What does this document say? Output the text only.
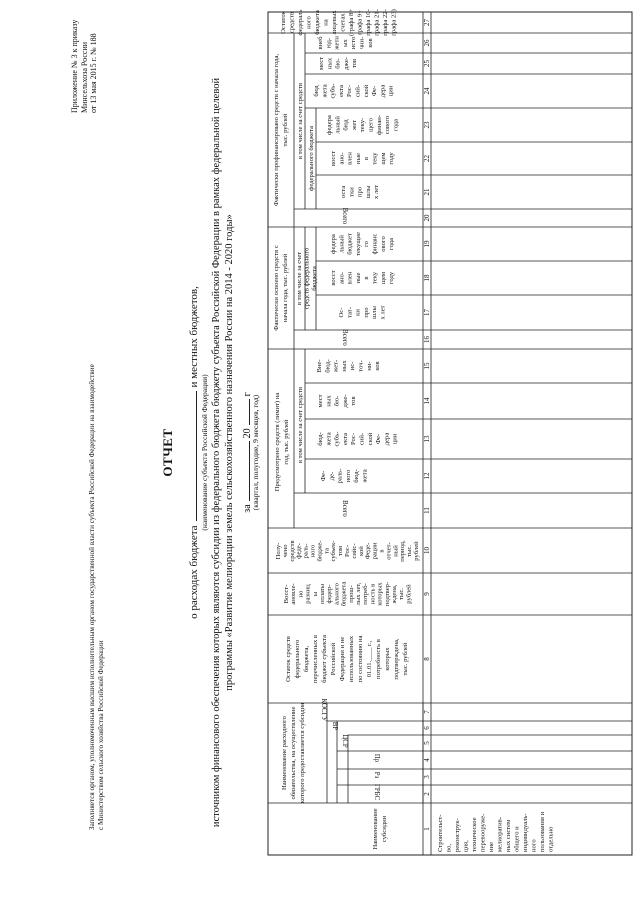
Приложение № 3 к приказу Минсельхоза России от 13 мая 2015 г. № 188
Заполняется органом, уполномоченным высшим исполнительным органом государственной власти субъекта Российской Федерации на взаимодействие с Министерством сельского хозяйства Российской Федерации
ОТЧЕТ
о расходах бюджетаи местных бюджетов,
(наименование субъекта Российской Федерации) источником финансового обеспечения которых являются субсидии из федерального бюджета бюджету субъекта Российской Федерации в рамках федеральной целевой программы «Развитие мелиорации земель сельскохозяйственного назначения России на 2014 - 2020 годы» за20г
(квартал, полугодие, 9 месяцев, год)
Наименование субсидии
Наименование расходного обязательства, на осуществление которого предоставляется субсидия	ГРБС
Рз
Пр
ЦСР
ВР
КОСГУ
Остаток средств федерального бюджета, перечисленных в бюджет субъекта Российской Федерации и не использованных по состоянию на 01.01.____ г., потребность в которых подтверждена, тыс. рублей
Восст- ановле- но разниц ы оплаты федер- ального бюджета прош- лых лет, потреб- ность в которых подтвер- ждена, тыс. рублей
Полу- чено средств феде- раль- ного бюдже- та субъек- том Рос- сийс- кой Феде- рации в отчет- ный период, тыс. рублей
Предусмотрено средств (лимит) на год, тыс. рублей в том числе за счет средств
Всего
Фе- де- раль- ного бюд- жета
бюд- жета субъ- екта Рос- сий- ской Фе- дера ции
мест ных бю- дже- тов
Вне- бюд- жет- ных ис- точ- ни- ков
Фактически освоено средств с начала года, тыс. рублей в том числе за счет средств федерального бюджета
Всего
Ос- тат- ки про шлы х лет
восст ано- влен ные в теку щем году
федера льный бюджет текущие го финанс ового года
Фактически профинансировано средств с начала года, тыс. рублей в том числе за счет средств федерального бюджета
Всего
оста тки про шлы х лет
восст ано- влен ные в теку щем году
федера льный бюд жет теку- щего финан- сового года
бюд жета субъ- екта Рос- сий- ской Фе- дера ции
мест ных бю- дже- тов
внеб юд- жетн ых исто чни- ков
Остаток средств федераль ного бюджета на лицевых счетах (графа 8+ графа 9+ графа 10- графа 21- графа 22- графа 23)
1
2
3
4
5
6
7
8
9
10
11
12
13
14
15
16
17
18
19
20
21
22
23
24
25
26
27
Строительст- во, реконструк- ция, техническое перевооруже- ние мелиоратив- ных систем общего и индивидуаль- ного пользования и отдельно
